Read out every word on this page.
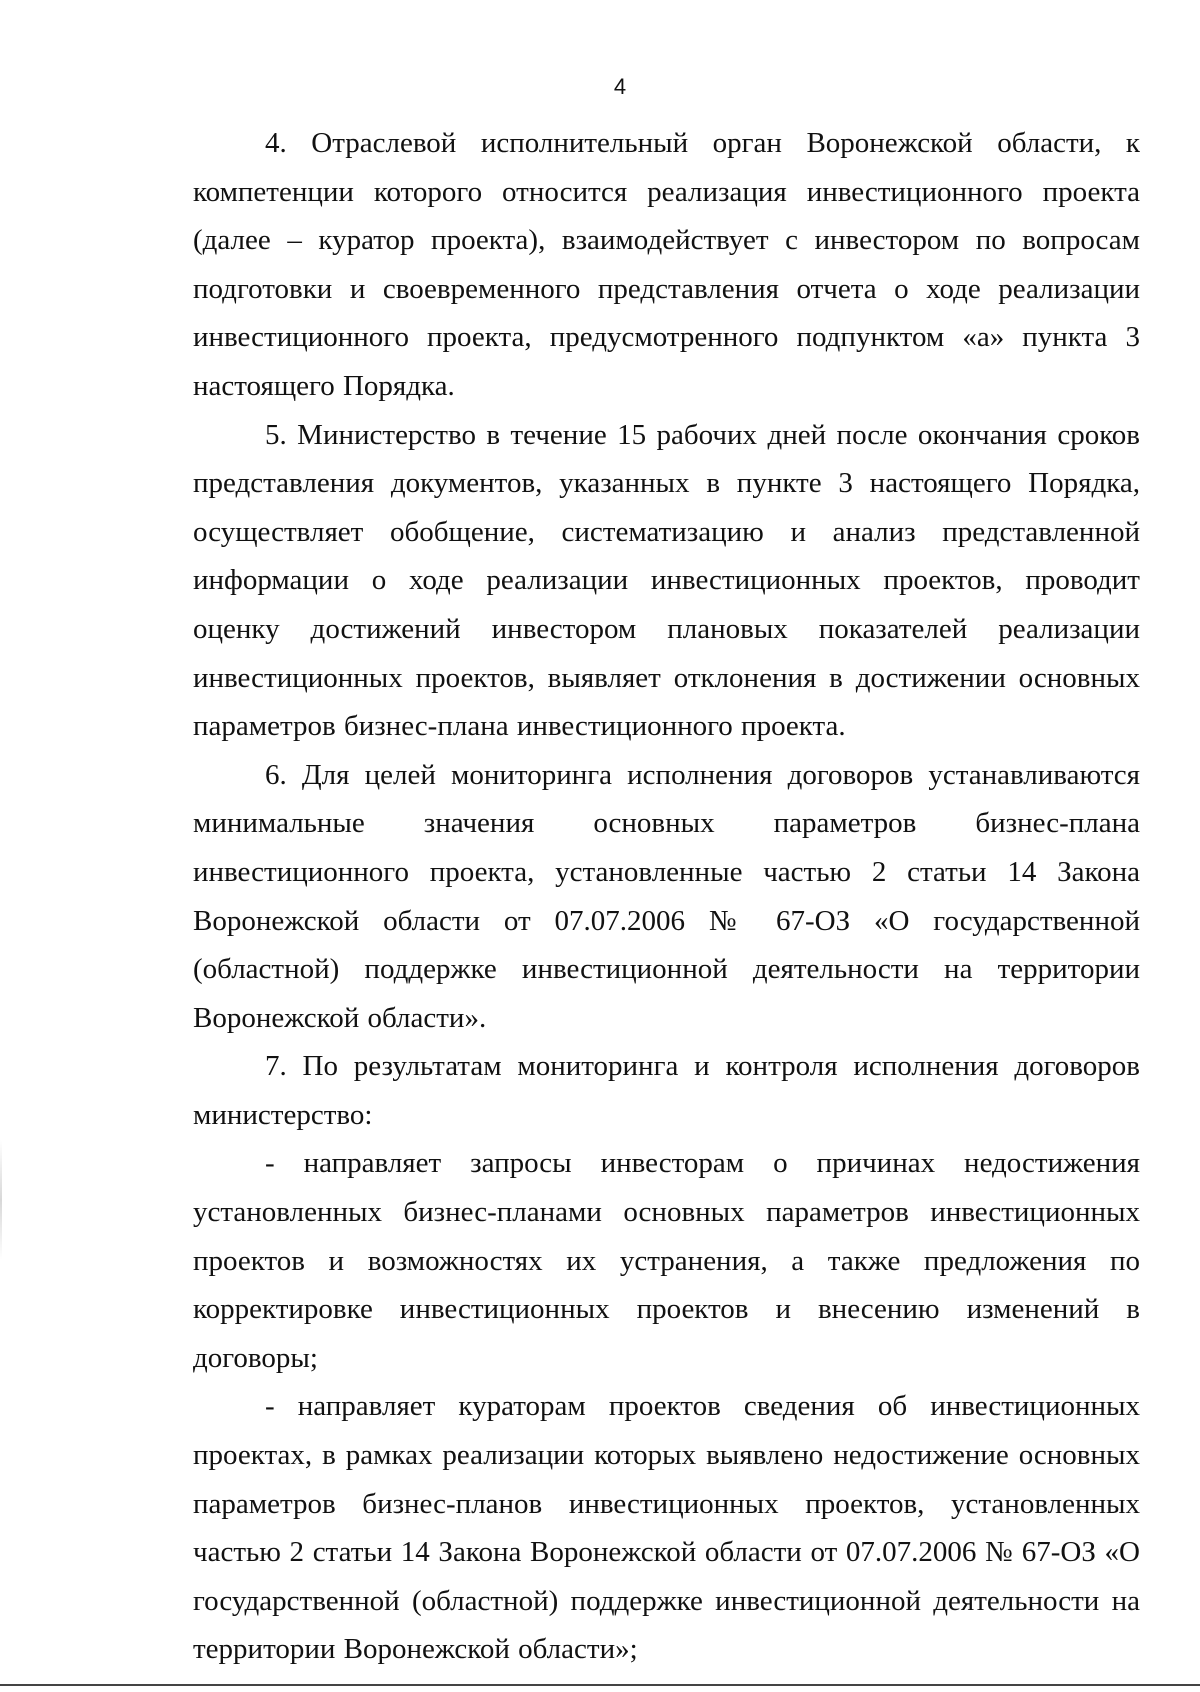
4

4. Отраслевой исполнительный орган Воронежской области, к компетенции которого относится реализация инвестиционного проекта (далее – куратор проекта), взаимодействует с инвестором по вопросам подготовки и своевременного представления отчета о ходе реализации инвестиционного проекта, предусмотренного подпунктом «а» пункта 3 настоящего Порядка.

5. Министерство в течение 15 рабочих дней после окончания сроков представления документов, указанных в пункте 3 настоящего Порядка, осуществляет обобщение, систематизацию и анализ представленной информации о ходе реализации инвестиционных проектов, проводит оценку достижений инвестором плановых показателей реализации инвестиционных проектов, выявляет отклонения в достижении основных параметров бизнес-плана инвестиционного проекта.

6. Для целей мониторинга исполнения договоров устанавливаются минимальные значения основных параметров бизнес-плана инвестиционного проекта, установленные частью 2 статьи 14 Закона Воронежской области от 07.07.2006 № 67-ОЗ «О государственной (областной) поддержке инвестиционной деятельности на территории Воронежской области».

7. По результатам мониторинга и контроля исполнения договоров министерство:

- направляет запросы инвесторам о причинах недостижения установленных бизнес-планами основных параметров инвестиционных проектов и возможностях их устранения, а также предложения по корректировке инвестиционных проектов и внесению изменений в договоры;

- направляет кураторам проектов сведения об инвестиционных проектах, в рамках реализации которых выявлено недостижение основных параметров бизнес-планов инвестиционных проектов, установленных частью 2 статьи 14 Закона Воронежской области от 07.07.2006 № 67-ОЗ «О государственной (областной) поддержке инвестиционной деятельности на территории Воронежской области»;
